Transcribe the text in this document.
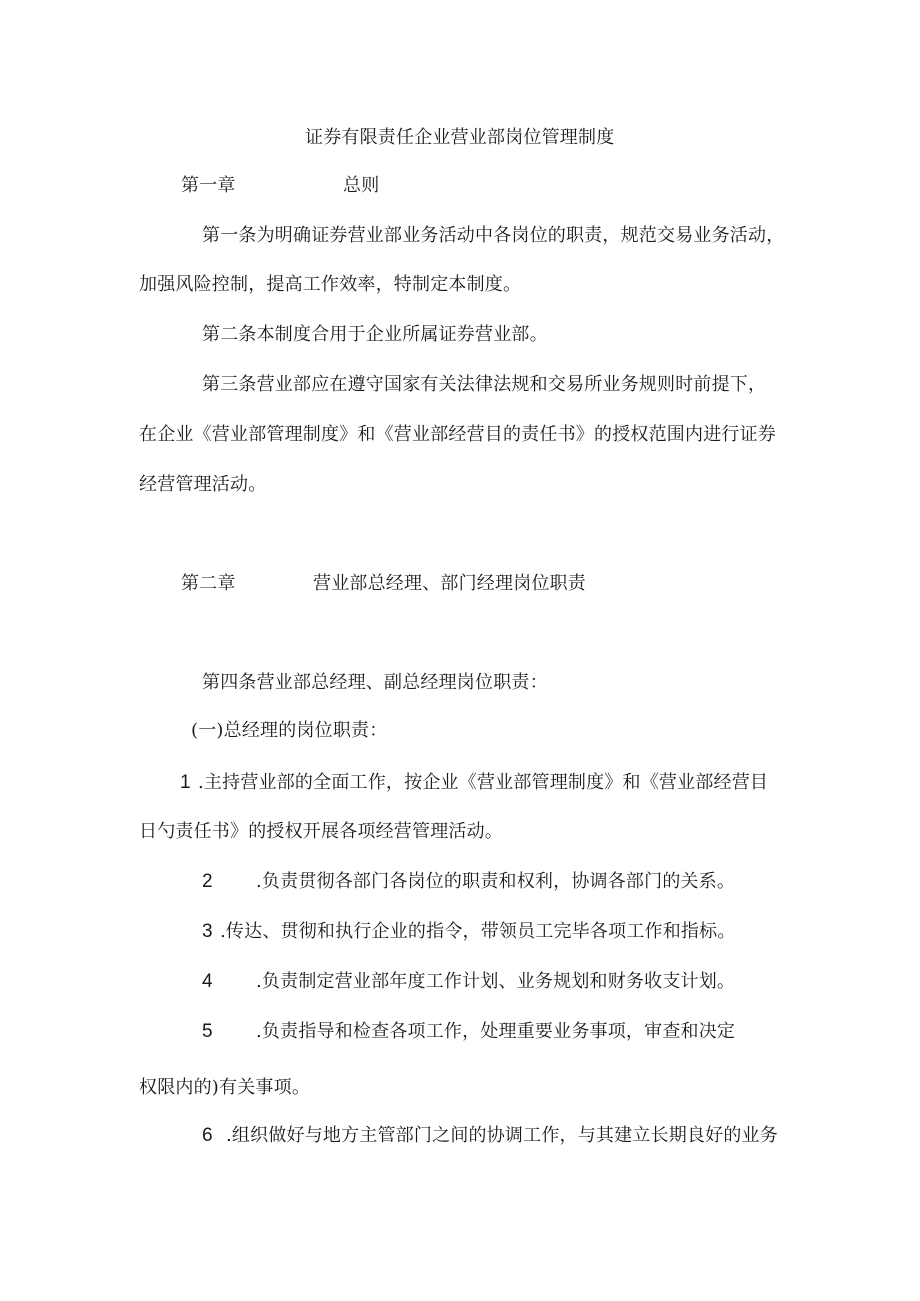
证券有限责任企业营业部岗位管理制度
第一章	总则
第一条为明确证券营业部业务活动中各岗位的职责，规范交易业务活动，
加强风险控制，提高工作效率，特制定本制度。
第二条本制度合用于企业所属证券营业部。
第三条营业部应在遵守国家有关法律法规和交易所业务规则时前提下，
在企业《营业部管理制度》和《营业部经营目的责任书》的授权范围内进行证券
经营管理活动。
第二章	营业部总经理、部门经理岗位职责
第四条营业部总经理、副总经理岗位职责：
(一)总经理的岗位职责：
1 .主持营业部的全面工作，按企业《营业部管理制度》和《营业部经营目
日勺责任书》的授权开展各项经营管理活动。
2 .负责贯彻各部门各岗位的职责和权利，协调各部门的关系。
3 .传达、贯彻和执行企业的指令，带领员工完毕各项工作和指标。
4 .负责制定营业部年度工作计划、业务规划和财务收支计划。
5 .负责指导和检查各项工作，处理重要业务事项，审查和决定
权限内的)有关事项。
6 .组织做好与地方主管部门之间的协调工作，与其建立长期良好的业务
